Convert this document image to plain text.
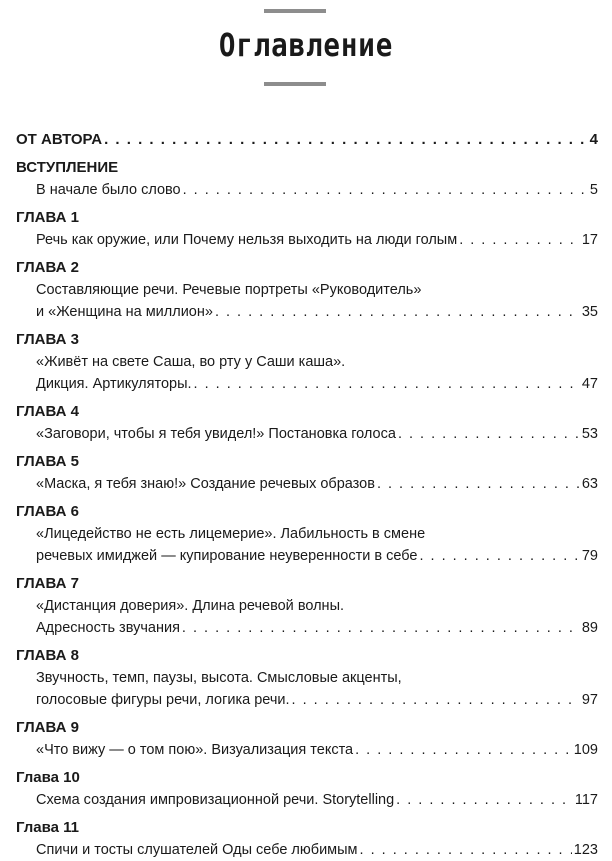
Оглавление
ОТ АВТОРА . . .	4
ВСТУПЛЕНИЕ
В начале было слово . . .	5
ГЛАВА 1
Речь как оружие, или Почему нельзя выходить на люди голым . . .	17
ГЛАВА 2
Составляющие речи. Речевые портреты «Руководитель»
и «Женщина на миллион» . . .	35
ГЛАВА 3
«Живёт на свете Саша, во рту у Саши каша».
Дикция. Артикуляторы. . . .	47
ГЛАВА 4
«Заговори, чтобы я тебя увидел!» Постановка голоса . . .	53
ГЛАВА 5
«Маска, я тебя знаю!» Создание речевых образов . . .	63
ГЛАВА 6
«Лицедейство не есть лицемерие». Лабильность в смене
речевых имиджей — купирование неуверенности в себе . . .	79
ГЛАВА 7
«Дистанция доверия». Длина речевой волны.
Адресность звучания . . .	89
ГЛАВА 8
Звучность, темп, паузы, высота. Смысловые акценты,
голосовые фигуры речи, логика речи. . . .	97
ГЛАВА 9
«Что вижу — о том пою». Визуализация текста . . .	109
Глава 10
Схема создания импровизационной речи. Storytelling . . .	117
Глава 11
Спичи и тосты слушателей Оды себе любимым . . .	123
